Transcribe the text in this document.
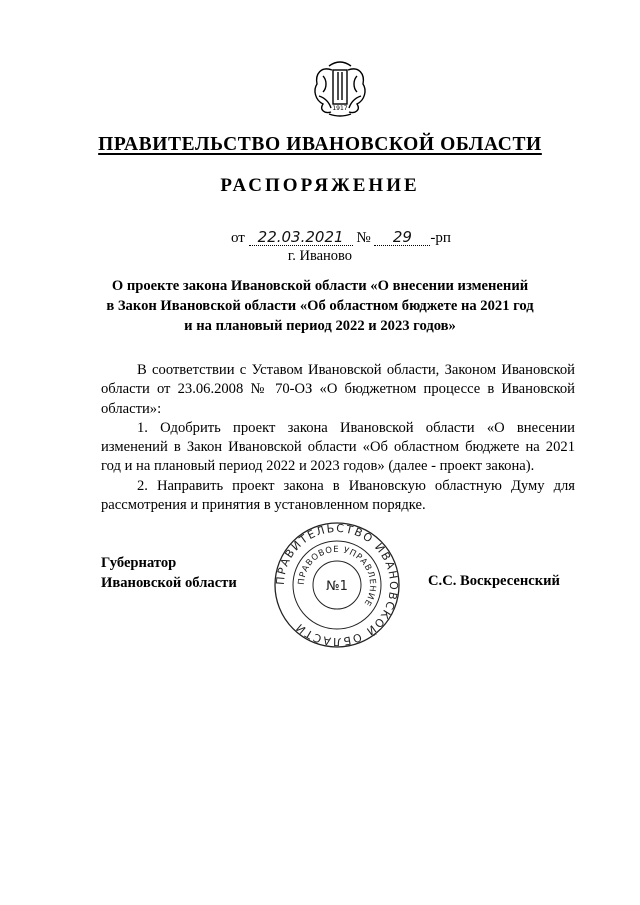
1917
ПРАВИТЕЛЬСТВО ИВАНОВСКОЙ ОБЛАСТИ
РАСПОРЯЖЕНИЕ
от 22.03.2021 № 29 -рп
г. Иваново
О проекте закона Ивановской области «О внесении изменений
в Закон Ивановской области «Об областном бюджете на 2021 год
и на плановый период 2022 и 2023 годов»

В соответствии с Уставом Ивановской области, Законом Ивановской области от 23.06.2008 № 70-ОЗ «О бюджетном процессе в Ивановской области»:

1. Одобрить проект закона Ивановской области «О внесении изменений в Закон Ивановской области «Об областном бюджете на 2021 год и на плановый период 2022 и 2023 годов» (далее - проект закона).

2. Направить проект закона в Ивановскую областную Думу для рассмотрения и принятия в установленном порядке.

Губернатор
Ивановской области	ПРАВИТЕЛЬСТВО ИВАНОВСКОЙ ОБЛАСТИ
ПРАВОВОЕ УПРАВЛЕНИЕ
№1	С.С. Воскресенский
